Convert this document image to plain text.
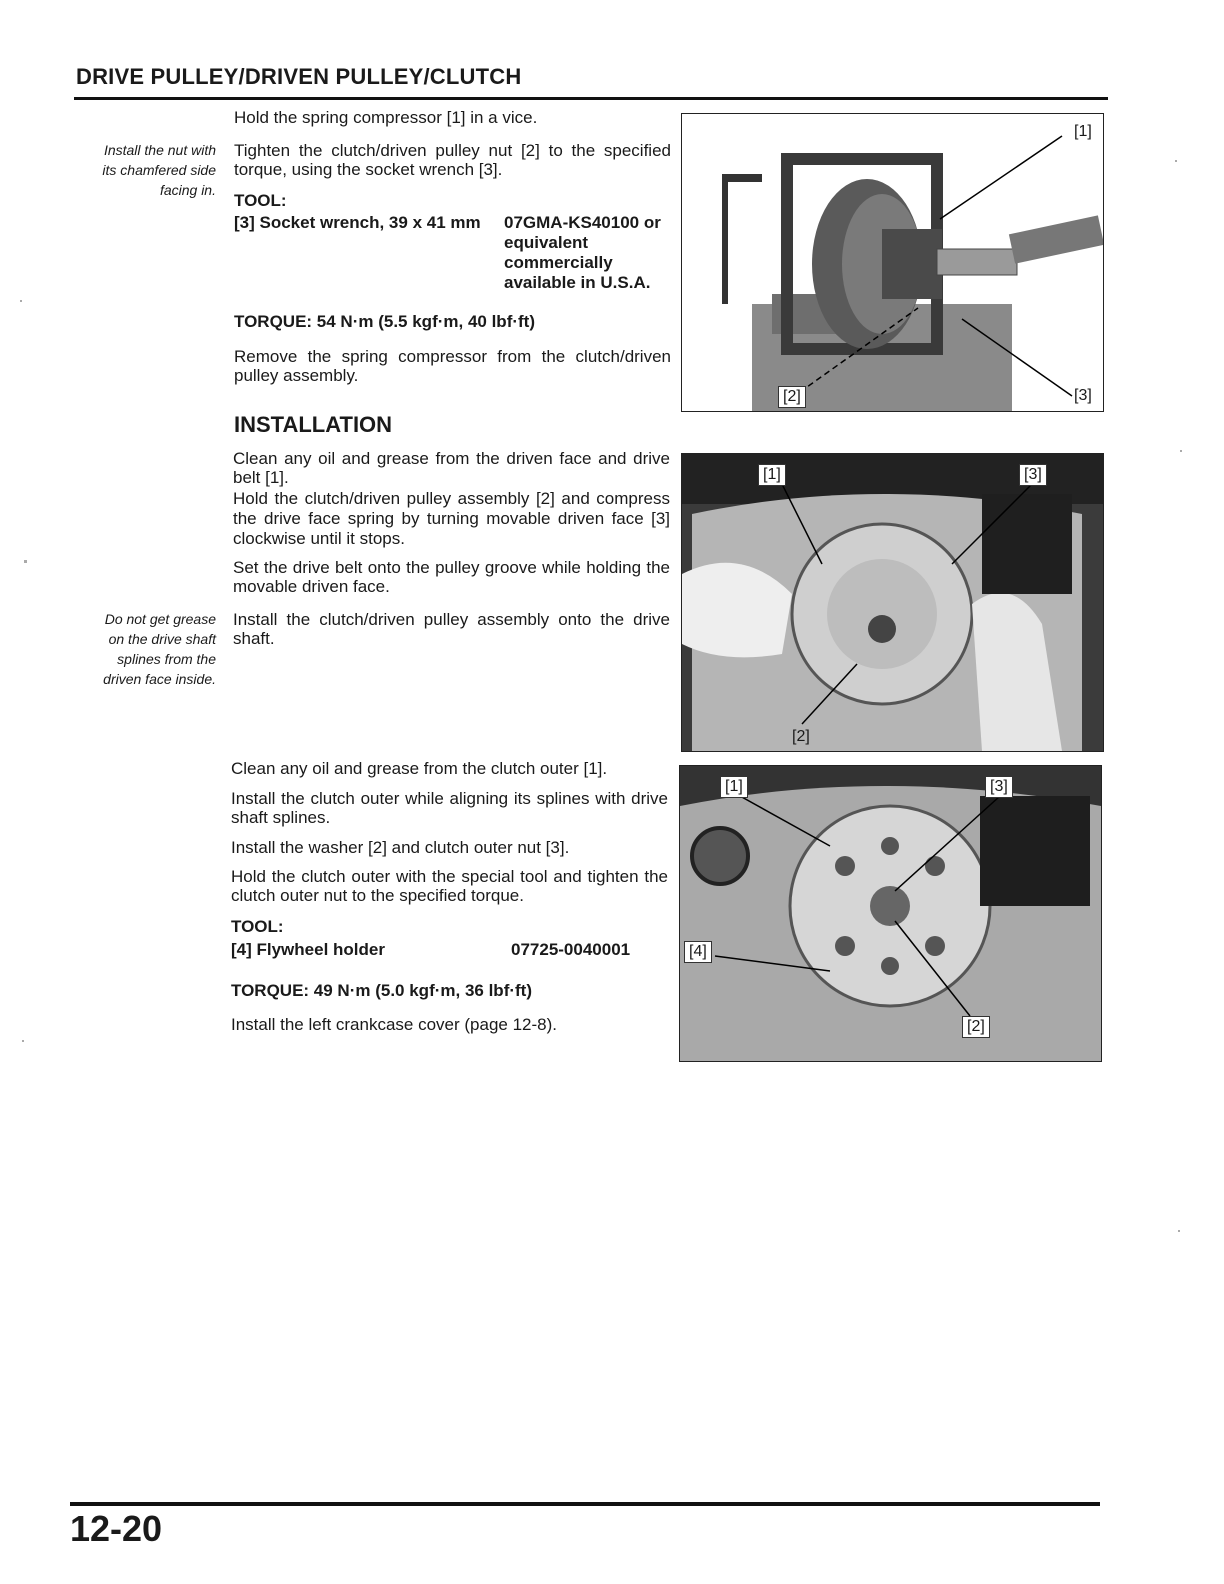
DRIVE PULLEY/DRIVEN PULLEY/CLUTCH
Install the nut with
its chamfered side
facing in.
Do not get grease
on the drive shaft
splines from the
driven face inside.
Hold the spring compressor [1] in a vice.
Tighten the clutch/driven pulley nut [2] to the specified torque, using the socket wrench [3].
TOOL:
[3] Socket wrench, 39 x 41 mm	07GMA-KS40100 or
equivalent
commercially
available in U.S.A.
TORQUE: 54 N·m (5.5 kgf·m, 40 lbf·ft)
Remove the spring compressor from the clutch/driven pulley assembly.
INSTALLATION
Clean any oil and grease from the driven face and drive belt [1].
Hold the clutch/driven pulley assembly [2] and compress the drive face spring by turning movable driven face [3] clockwise until it stops.
Set the drive belt onto the pulley groove while holding the movable driven face.
Install the clutch/driven pulley assembly onto the drive shaft.
Clean any oil and grease from the clutch outer [1].
Install the clutch outer while aligning its splines with drive shaft splines.
Install the washer [2] and clutch outer nut [3].
Hold the clutch outer with the special tool and tighten the clutch outer nut to the specified torque.
TOOL:
[4] Flywheel holder	07725-0040001
TORQUE: 49 N·m (5.0 kgf·m, 36 lbf·ft)
Install the left crankcase cover (page 12-8).
[1]
[2]	[3]
[1]
[2]
[3]
[1]
[2]
[3]
[4]
12-20
